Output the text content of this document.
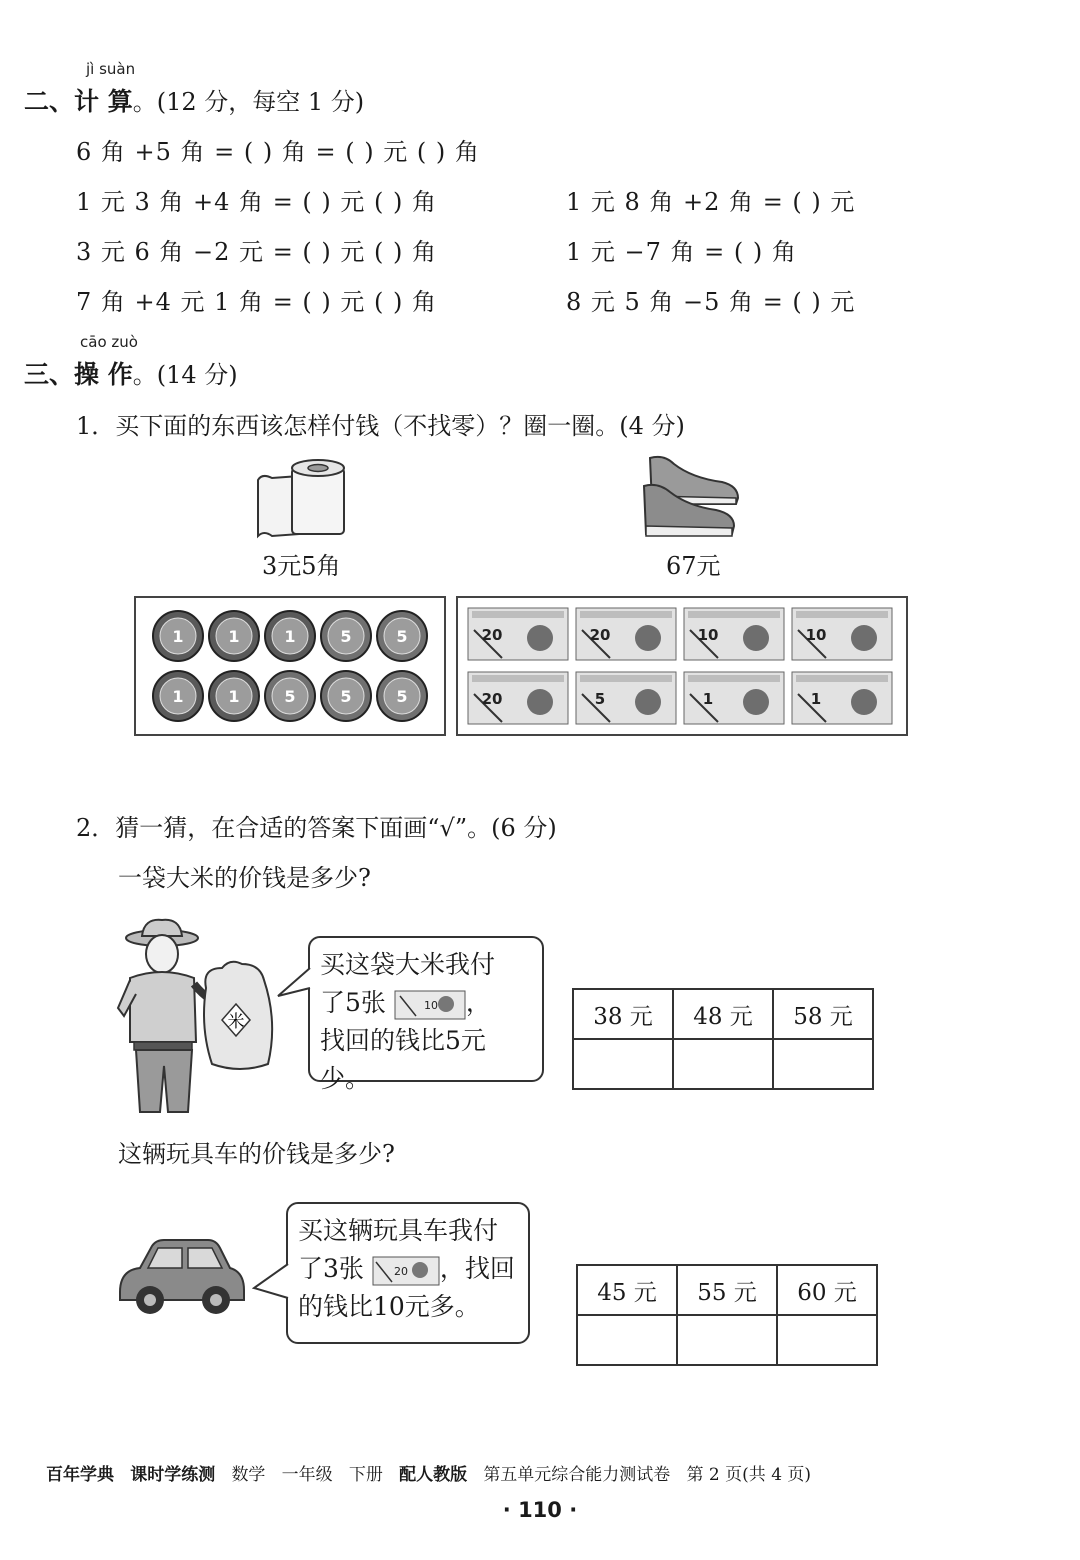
jì suàn
二、计 算。(12 分，每空 1 分)
6 角 +5 角 = ( ) 角 = ( ) 元 ( ) 角
1 元 3 角 +4 角 = ( ) 元 ( ) 角	1 元 8 角 +2 角 = ( ) 元
3 元 6 角 −2 元 = ( ) 元 ( ) 角	1 元 −7 角 = ( ) 角
7 角 +4 元 1 角 = ( ) 元 ( ) 角	8 元 5 角 −5 角 = ( ) 元
cāo zuò
三、操 作。(14 分)
1．买下面的东西该怎样付钱（不找零）？圈一圈。(4 分)
3元5角	67元
1	1	1	5	5
1	1	5	5	5
20	20	10	10
20	5	1	1
2．猜一猜，在合适的答案下面画“√”。(6 分)
一袋大米的价钱是多少?
米
买这袋大米我付
了5张	10 ，
找回的钱比5元少。
38 元	48 元	58 元

这辆玩具车的价钱是多少?
买这辆玩具车我付
了3张	20 ，找回
的钱比10元多。	45 元	55 元	60 元

百年学典 课时学练测 数学 一年级 下册 配人教版 第五单元综合能力测试卷 第 2 页(共 4 页)
· 110 ·
